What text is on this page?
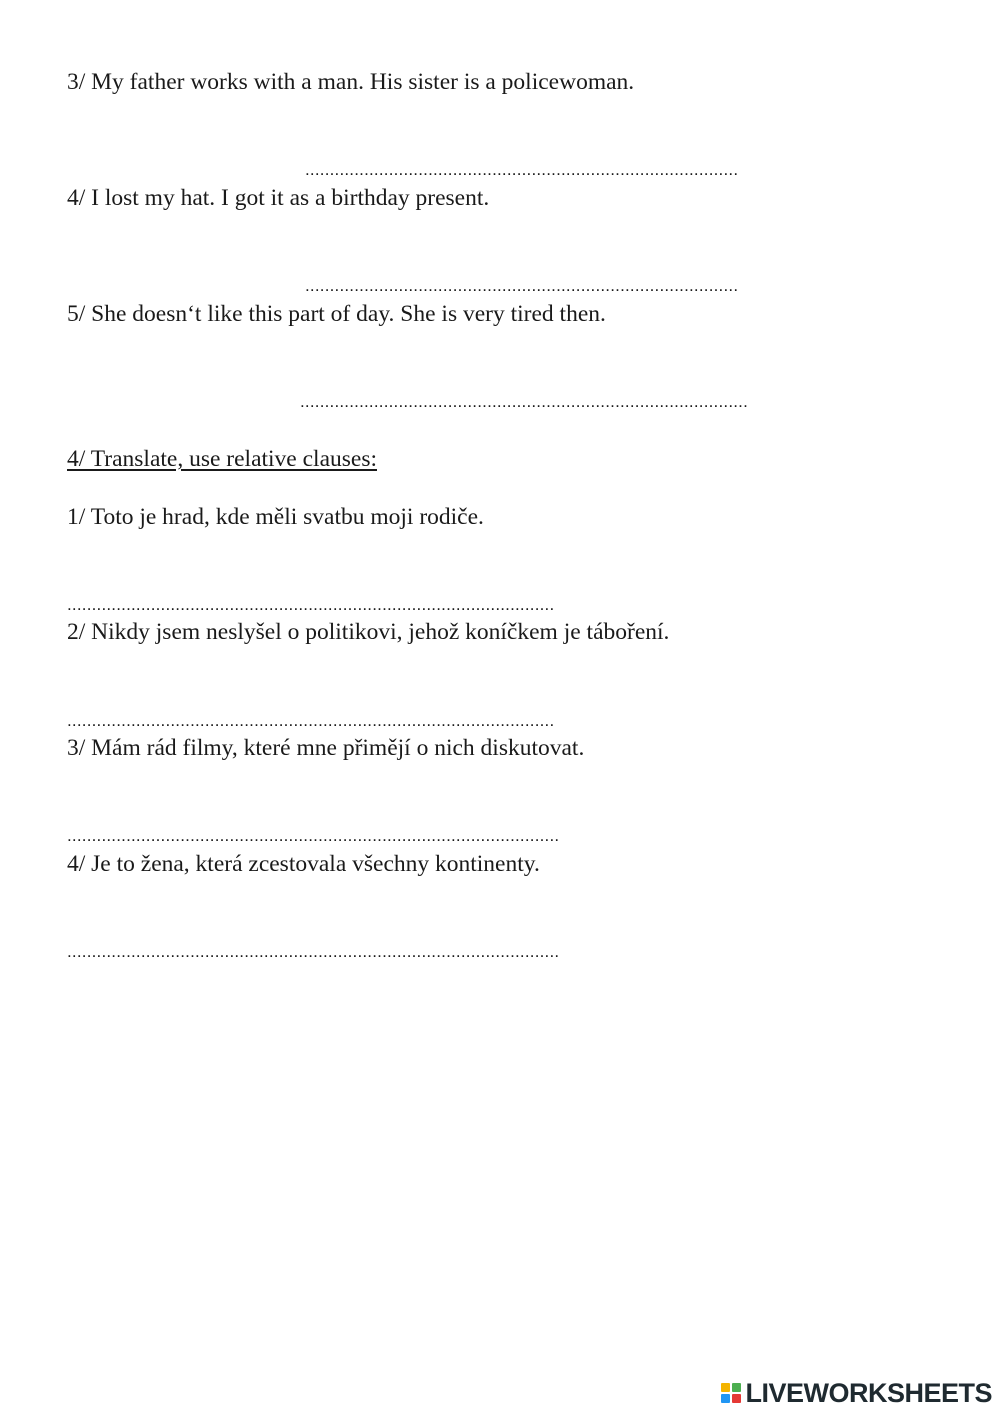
3/ My father works with a man. His sister is a policewoman.
........................................................................................
4/ I lost my hat. I got it as a birthday present.
........................................................................................
5/ She doesn‘t like this part of day. She is very tired then.
...........................................................................................
4/ Translate, use relative clauses:
1/ Toto je hrad, kde měli svatbu moji rodiče.
...................................................................................................
2/ Nikdy jsem neslyšel o politikovi, jehož koníčkem je táboření.
...................................................................................................
3/ Mám rád filmy, které mne přimějí o nich diskutovat.
....................................................................................................
4/ Je to žena, která zcestovala všechny kontinenty.
....................................................................................................
LIVEWORKSHEETS
